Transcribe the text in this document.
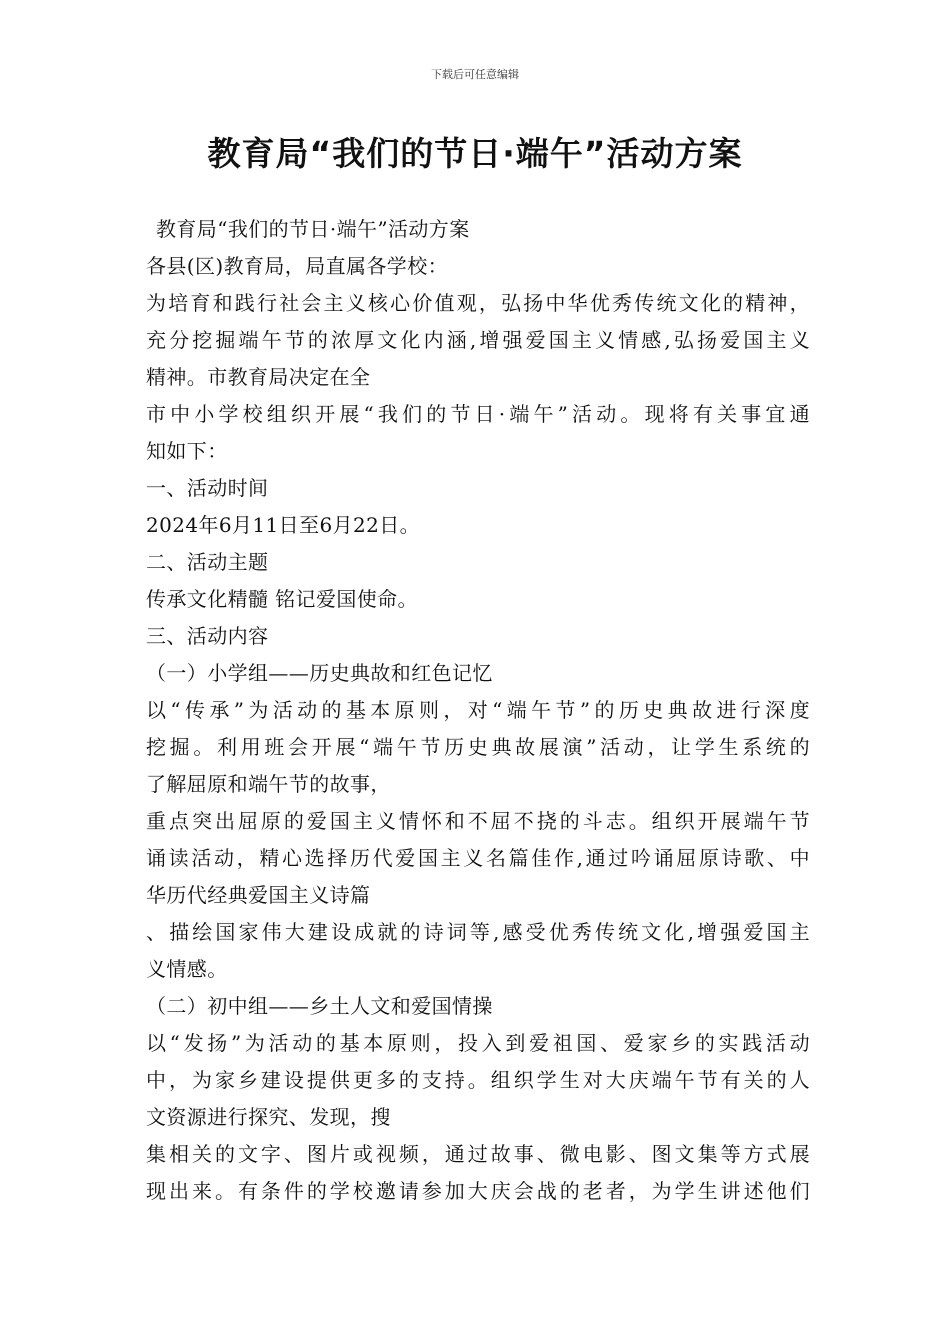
下载后可任意编辑
教育局“我们的节日·端午”活动方案
教育局“我们的节日·端午”活动方案
各县(区)教育局，局直属各学校：
为培育和践行社会主义核心价值观，弘扬中华优秀传统文化的精神，
充分挖掘端午节的浓厚文化内涵,增强爱国主义情感,弘扬爱国主义
精神。市教育局决定在全
市中小学校组织开展“我们的节日·端午”活动。现将有关事宜通
知如下：
一、活动时间
2024年6月11日至6月22日。
二、活动主题
传承文化精髓 铭记爱国使命。
三、活动内容
（一）小学组——历史典故和红色记忆
以“传承”为活动的基本原则，对“端午节”的历史典故进行深度
挖掘。利用班会开展“端午节历史典故展演”活动，让学生系统的
了解屈原和端午节的故事，
重点突出屈原的爱国主义情怀和不屈不挠的斗志。组织开展端午节
诵读活动，精心选择历代爱国主义名篇佳作,通过吟诵屈原诗歌、中
华历代经典爱国主义诗篇
、描绘国家伟大建设成就的诗词等,感受优秀传统文化,增强爱国主
义情感。
（二）初中组——乡土人文和爱国情操
以“发扬”为活动的基本原则，投入到爱祖国、爱家乡的实践活动
中，为家乡建设提供更多的支持。组织学生对大庆端午节有关的人
文资源进行探究、发现，搜
集相关的文字、图片或视频，通过故事、微电影、图文集等方式展
现出来。有条件的学校邀请参加大庆会战的老者，为学生讲述他们
